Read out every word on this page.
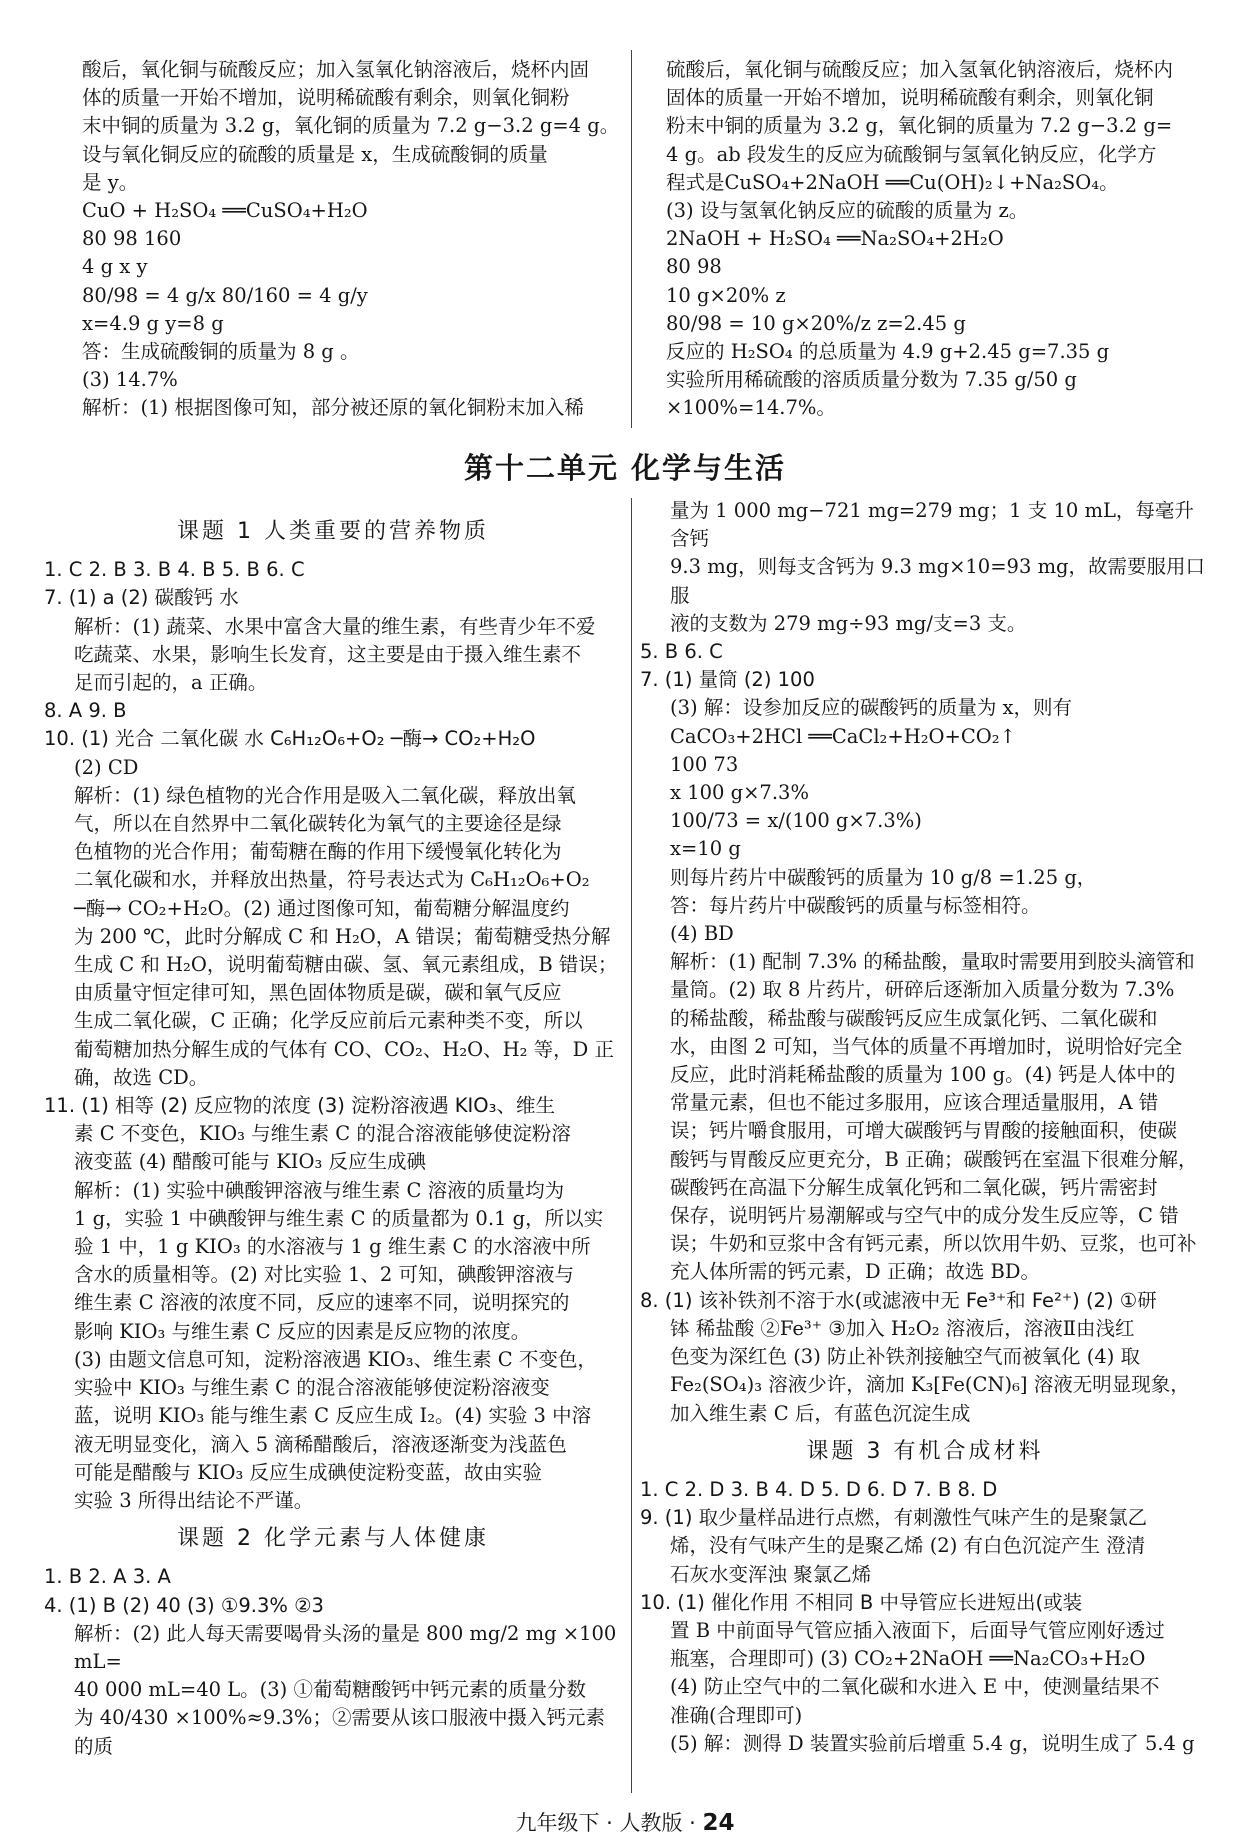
酸后，氧化铜与硫酸反应；加入氢氧化钠溶液后，烧杯内固

体的质量一开始不增加，说明稀硫酸有剩余，则氧化铜粉

末中铜的质量为 3.2 g，氧化铜的质量为 7.2 g−3.2 g=4 g。

设与氧化铜反应的硫酸的质量是 x，生成硫酸铜的质量

是 y。

CuO + H₂SO₄ ══CuSO₄+H₂O

80 98 160

4 g x y

80/98 = 4 g/x 80/160 = 4 g/y

x=4.9 g y=8 g

答：生成硫酸铜的质量为 8 g 。

(3) 14.7%

解析：(1) 根据图像可知，部分被还原的氧化铜粉末加入稀

硫酸后，氧化铜与硫酸反应；加入氢氧化钠溶液后，烧杯内

固体的质量一开始不增加，说明稀硫酸有剩余，则氧化铜

粉末中铜的质量为 3.2 g，氧化铜的质量为 7.2 g−3.2 g=

4 g。ab 段发生的反应为硫酸铜与氢氧化钠反应，化学方

程式是CuSO₄+2NaOH ══Cu(OH)₂↓+Na₂SO₄。

(3) 设与氢氧化钠反应的硫酸的质量为 z。

2NaOH + H₂SO₄ ══Na₂SO₄+2H₂O

80 98

10 g×20% z

80/98 = 10 g×20%/z z=2.45 g

反应的 H₂SO₄ 的总质量为 4.9 g+2.45 g=7.35 g

实验所用稀硫酸的溶质质量分数为 7.35 g/50 g ×100%=14.7%。

第十二单元 化学与生活

课题 1 人类重要的营养物质

1. C 2. B 3. B 4. B 5. B 6. C

7. (1) a (2) 碳酸钙 水

解析：(1) 蔬菜、水果中富含大量的维生素，有些青少年不爱

吃蔬菜、水果，影响生长发育，这主要是由于摄入维生素不

足而引起的，a 正确。

8. A 9. B

10. (1) 光合 二氧化碳 水 C₆H₁₂O₆+O₂ ─酶→ CO₂+H₂O

(2) CD

解析：(1) 绿色植物的光合作用是吸入二氧化碳，释放出氧

气，所以在自然界中二氧化碳转化为氧气的主要途径是绿

色植物的光合作用；葡萄糖在酶的作用下缓慢氧化转化为

二氧化碳和水，并释放出热量，符号表达式为 C₆H₁₂O₆+O₂

─酶→ CO₂+H₂O。(2) 通过图像可知，葡萄糖分解温度约

为 200 ℃，此时分解成 C 和 H₂O，A 错误；葡萄糖受热分解

生成 C 和 H₂O，说明葡萄糖由碳、氢、氧元素组成，B 错误；

由质量守恒定律可知，黑色固体物质是碳，碳和氧气反应

生成二氧化碳，C 正确；化学反应前后元素种类不变，所以

葡萄糖加热分解生成的气体有 CO、CO₂、H₂O、H₂ 等，D 正

确，故选 CD。

11. (1) 相等 (2) 反应物的浓度 (3) 淀粉溶液遇 KIO₃、维生

素 C 不变色，KIO₃ 与维生素 C 的混合溶液能够使淀粉溶

液变蓝 (4) 醋酸可能与 KIO₃ 反应生成碘

解析：(1) 实验中碘酸钾溶液与维生素 C 溶液的质量均为

1 g，实验 1 中碘酸钾与维生素 C 的质量都为 0.1 g，所以实

验 1 中，1 g KIO₃ 的水溶液与 1 g 维生素 C 的水溶液中所

含水的质量相等。(2) 对比实验 1、2 可知，碘酸钾溶液与

维生素 C 溶液的浓度不同，反应的速率不同，说明探究的

影响 KIO₃ 与维生素 C 反应的因素是反应物的浓度。

(3) 由题文信息可知，淀粉溶液遇 KIO₃、维生素 C 不变色，

实验中 KIO₃ 与维生素 C 的混合溶液能够使淀粉溶液变

蓝，说明 KIO₃ 能与维生素 C 反应生成 I₂。(4) 实验 3 中溶

液无明显变化，滴入 5 滴稀醋酸后，溶液逐渐变为浅蓝色

可能是醋酸与 KIO₃ 反应生成碘使淀粉变蓝，故由实验

实验 3 所得出结论不严谨。

课题 2 化学元素与人体健康

1. B 2. A 3. A

4. (1) B (2) 40 (3) ①9.3% ②3

解析：(2) 此人每天需要喝骨头汤的量是 800 mg/2 mg ×100 mL=

40 000 mL=40 L。(3) ①葡萄糖酸钙中钙元素的质量分数

为 40/430 ×100%≈9.3%；②需要从该口服液中摄入钙元素的质

量为 1 000 mg−721 mg=279 mg；1 支 10 mL，每毫升含钙

9.3 mg，则每支含钙为 9.3 mg×10=93 mg，故需要服用口服

液的支数为 279 mg÷93 mg/支=3 支。

5. B 6. C

7. (1) 量筒 (2) 100

(3) 解：设参加反应的碳酸钙的质量为 x，则有

CaCO₃+2HCl ══CaCl₂+H₂O+CO₂↑

100 73

x 100 g×7.3%

100/73 = x/(100 g×7.3%)

x=10 g

则每片药片中碳酸钙的质量为 10 g/8 =1.25 g，

答：每片药片中碳酸钙的质量与标签相符。

(4) BD

解析：(1) 配制 7.3% 的稀盐酸，量取时需要用到胶头滴管和

量筒。(2) 取 8 片药片，研碎后逐渐加入质量分数为 7.3%

的稀盐酸，稀盐酸与碳酸钙反应生成氯化钙、二氧化碳和

水，由图 2 可知，当气体的质量不再增加时，说明恰好完全

反应，此时消耗稀盐酸的质量为 100 g。(4) 钙是人体中的

常量元素，但也不能过多服用，应该合理适量服用，A 错

误；钙片嚼食服用，可增大碳酸钙与胃酸的接触面积，使碳

酸钙与胃酸反应更充分，B 正确；碳酸钙在室温下很难分解，

碳酸钙在高温下分解生成氧化钙和二氧化碳，钙片需密封

保存，说明钙片易潮解或与空气中的成分发生反应等，C 错

误；牛奶和豆浆中含有钙元素，所以饮用牛奶、豆浆，也可补

充人体所需的钙元素，D 正确；故选 BD。

8. (1) 该补铁剂不溶于水(或滤液中无 Fe³⁺和 Fe²⁺) (2) ①研

钵 稀盐酸 ②Fe³⁺ ③加入 H₂O₂ 溶液后，溶液Ⅱ由浅红

色变为深红色 (3) 防止补铁剂接触空气而被氧化 (4) 取

Fe₂(SO₄)₃ 溶液少许，滴加 K₃[Fe(CN)₆] 溶液无明显现象，

加入维生素 C 后，有蓝色沉淀生成

课题 3 有机合成材料

1. C 2. D 3. B 4. D 5. D 6. D 7. B 8. D

9. (1) 取少量样品进行点燃，有刺激性气味产生的是聚氯乙

烯，没有气味产生的是聚乙烯 (2) 有白色沉淀产生 澄清

石灰水变浑浊 聚氯乙烯

10. (1) 催化作用 不相同 B 中导管应长进短出(或装

置 B 中前面导气管应插入液面下，后面导气管应刚好透过

瓶塞，合理即可) (3) CO₂+2NaOH ══Na₂CO₃+H₂O

(4) 防止空气中的二氧化碳和水进入 E 中，使测量结果不

准确(合理即可)

(5) 解：测得 D 装置实验前后增重 5.4 g，说明生成了 5.4 g

九年级下 · 人教版 · 24
